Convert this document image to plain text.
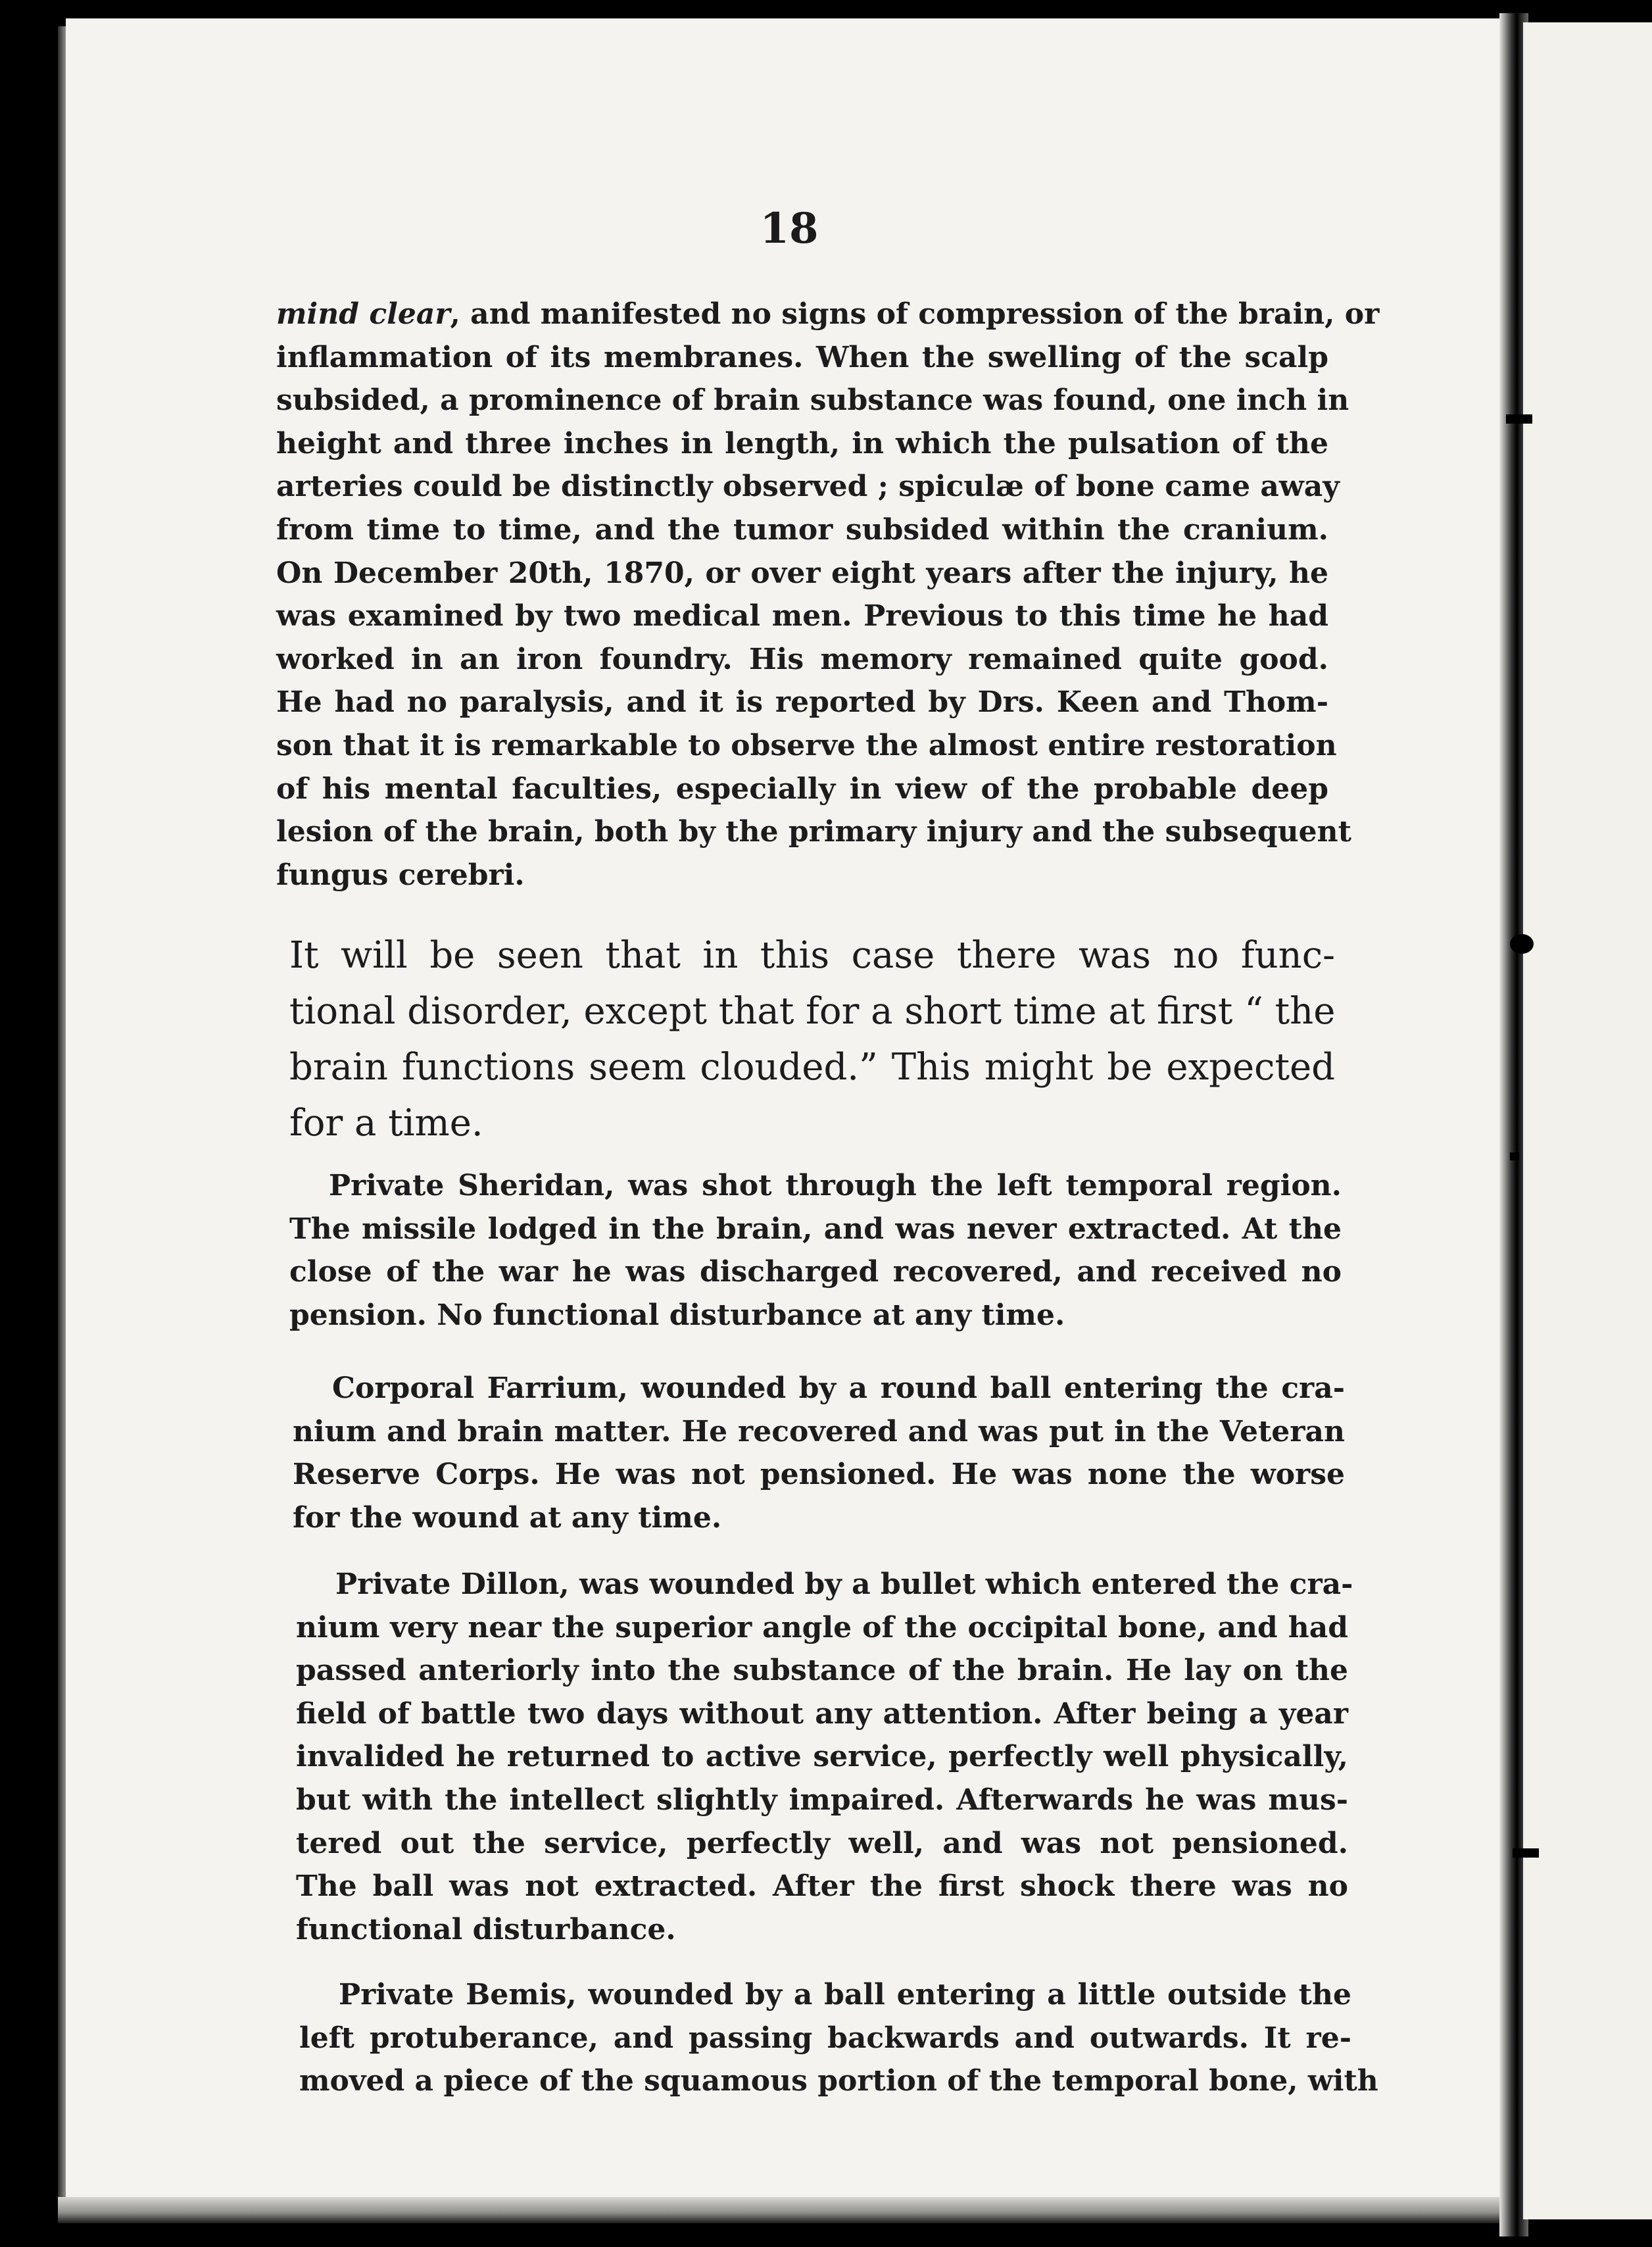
18
mind clear, and manifested no signs of compression of the brain, or
inflammation of its membranes. When the swelling of the scalp
subsided, a prominence of brain substance was found, one inch in
height and three inches in length, in which the pulsation of the
arteries could be distinctly observed ; spiculæ of bone came away
from time to time, and the tumor subsided within the cranium.
On December 20th, 1870, or over eight years after the injury, he
was examined by two medical men. Previous to this time he had
worked in an iron foundry. His memory remained quite good.
He had no paralysis, and it is reported by Drs. Keen and Thom-
son that it is remarkable to observe the almost entire restoration
of his mental faculties, especially in view of the probable deep
lesion of the brain, both by the primary injury and the subsequent
fungus cerebri.
It will be seen that in this case there was no func-
tional disorder, except that for a short time at first “ the
brain functions seem clouded.” This might be expected
for a time.
Private Sheridan, was shot through the left temporal region.
The missile lodged in the brain, and was never extracted. At the
close of the war he was discharged recovered, and received no
pension. No functional disturbance at any time.
Corporal Farrium, wounded by a round ball entering the cra-
nium and brain matter. He recovered and was put in the Veteran
Reserve Corps. He was not pensioned. He was none the worse
for the wound at any time.
Private Dillon, was wounded by a bullet which entered the cra-
nium very near the superior angle of the occipital bone, and had
passed anteriorly into the substance of the brain. He lay on the
field of battle two days without any attention. After being a year
invalided he returned to active service, perfectly well physically,
but with the intellect slightly impaired. Afterwards he was mus-
tered out the service, perfectly well, and was not pensioned.
The ball was not extracted. After the first shock there was no
functional disturbance.
Private Bemis, wounded by a ball entering a little outside the
left protuberance, and passing backwards and outwards. It re-
moved a piece of the squamous portion of the temporal bone, with
